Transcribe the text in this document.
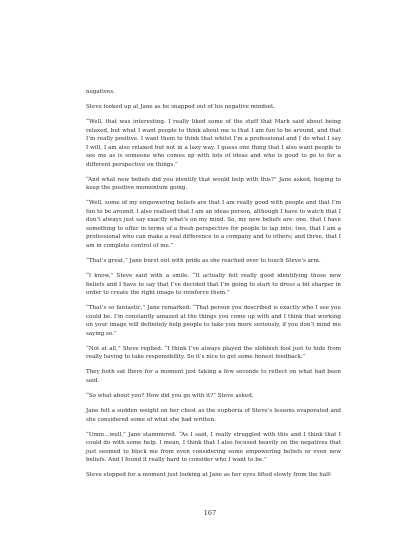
negatives.

Steve looked up at Jane as he snapped out of his negative mindset.

“Well, that was interesting. I really liked some of the stuff that Mark said about being relaxed, but what I want people to think about me is that I am fun to be around, and that I’m really positive. I want them to think that whilst I’m a professional and I do what I say I will, I am also relaxed but not in a lazy way. I guess one thing that I also want people to see me as is someone who comes up with lots of ideas and who is good to go to for a different perspective on things.”

“And what new beliefs did you identify that would help with this?” Jane asked, hoping to keep the positive momentum going.

“Well, some of my empowering beliefs are that I am really good with people and that I’m fun to be around. I also realised that I am an ideas person, although I have to watch that I don’t always just say exactly what’s on my mind. So, my new beliefs are: one, that I have something to offer in terms of a fresh perspective for people to tap into; two, that I am a professional who can make a real difference to a company and to others; and three, that I am in complete control of me.”

“That’s great,” Jane burst out with pride as she reached over to touch Steve’s arm.

“I know,” Steve said with a smile. “It actually felt really good identifying those new beliefs and I have to say that I’ve decided that I’m going to start to dress a bit sharper in order to create the right image to reinforce them.”

“That’s so fantastic,” Jane remarked. “That person you described is exactly who I see you could be. I’m constantly amazed at the things you come up with and I think that working on your image will definitely help people to take you more seriously, if you don’t mind me saying so.”

“Not at all,” Steve replied. “I think I’ve always played the slobbish fool just to hide from really having to take responsibility. So it’s nice to get some honest feedback.”

They both sat there for a moment just taking a few seconds to reflect on what had been said.

“So what about you? How did you go with it?” Steve asked.

Jane felt a sudden weight on her chest as the euphoria of Steve’s lessons evaporated and she considered some of what she had written.

“Umm…well,” Jane stammered. “As I said, I really struggled with this and I think that I could do with some help. I mean, I think that I also focused heavily on the negatives that just seemed to block me from even considering some empowering beliefs or even new beliefs. And I found it really hard to consider who I want to be.”

Steve stopped for a moment just looking at Jane as her eyes lifted slowly from the half-

167
